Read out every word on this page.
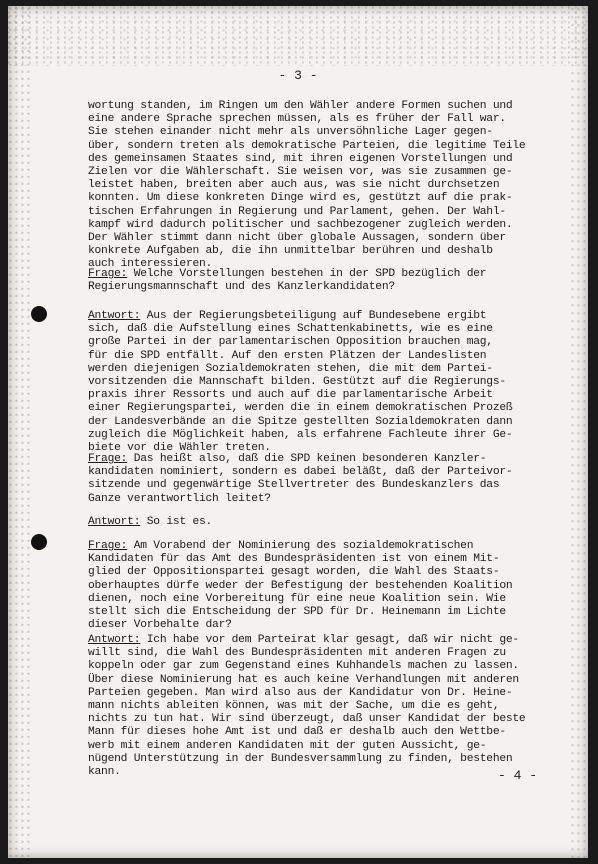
- 3 -
wortung standen, im Ringen um den Wähler andere Formen suchen und
eine andere Sprache sprechen müssen, als es früher der Fall war.
Sie stehen einander nicht mehr als unversöhnliche Lager gegen-
über, sondern treten als demokratische Parteien, die legitime Teile
des gemeinsamen Staates sind, mit ihren eigenen Vorstellungen und
Zielen vor die Wählerschaft. Sie weisen vor, was sie zusammen ge-
leistet haben, breiten aber auch aus, was sie nicht durchsetzen
konnten. Um diese konkreten Dinge wird es, gestützt auf die prak-
tischen Erfahrungen in Regierung und Parlament, gehen. Der Wahl-
kampf wird dadurch politischer und sachbezogener zugleich werden.
Der Wähler stimmt dann nicht über globale Aussagen, sondern über
konkrete Aufgaben ab, die ihn unmittelbar berühren und deshalb
auch interessieren.
Frage: Welche Vorstellungen bestehen in der SPD bezüglich der
Regierungsmannschaft und des Kanzlerkandidaten?
Antwort: Aus der Regierungsbeteiligung auf Bundesebene ergibt
sich, daß die Aufstellung eines Schattenkabinetts, wie es eine
große Partei in der parlamentarischen Opposition brauchen mag,
für die SPD entfällt. Auf den ersten Plätzen der Landeslisten
werden diejenigen Sozialdemokraten stehen, die mit dem Partei-
vorsitzenden die Mannschaft bilden. Gestützt auf die Regierungs-
praxis ihrer Ressorts und auch auf die parlamentarische Arbeit
einer Regierungspartei, werden die in einem demokratischen Prozeß
der Landesverbände an die Spitze gestellten Sozialdemokraten dann
zugleich die Möglichkeit haben, als erfahrene Fachleute ihrer Ge-
biete vor die Wähler treten.
Frage: Das heißt also, daß die SPD keinen besonderen Kanzler-
kandidaten nominiert, sondern es dabei beläßt, daß der Parteivor-
sitzende und gegenwärtige Stellvertreter des Bundeskanzlers das
Ganze verantwortlich leitet?
Antwort: So ist es.
Frage: Am Vorabend der Nominierung des sozialdemokratischen
Kandidaten für das Amt des Bundespräsidenten ist von einem Mit-
glied der Oppositionspartei gesagt worden, die Wahl des Staats-
oberhauptes dürfe weder der Befestigung der bestehenden Koalition
dienen, noch eine Vorbereitung für eine neue Koalition sein. Wie
stellt sich die Entscheidung der SPD für Dr. Heinemann im Lichte
dieser Vorbehalte dar?
Antwort: Ich habe vor dem Parteirat klar gesagt, daß wir nicht ge-
willt sind, die Wahl des Bundespräsidenten mit anderen Fragen zu
koppeln oder gar zum Gegenstand eines Kuhhandels machen zu lassen.
Über diese Nominierung hat es auch keine Verhandlungen mit anderen
Parteien gegeben. Man wird also aus der Kandidatur von Dr. Heine-
mann nichts ableiten können, was mit der Sache, um die es geht,
nichts zu tun hat. Wir sind überzeugt, daß unser Kandidat der beste
Mann für dieses hohe Amt ist und daß er deshalb auch den Wettbe-
werb mit einem anderen Kandidaten mit der guten Aussicht, ge-
nügend Unterstützung in der Bundesversammlung zu finden, bestehen
kann.	- 4 -
